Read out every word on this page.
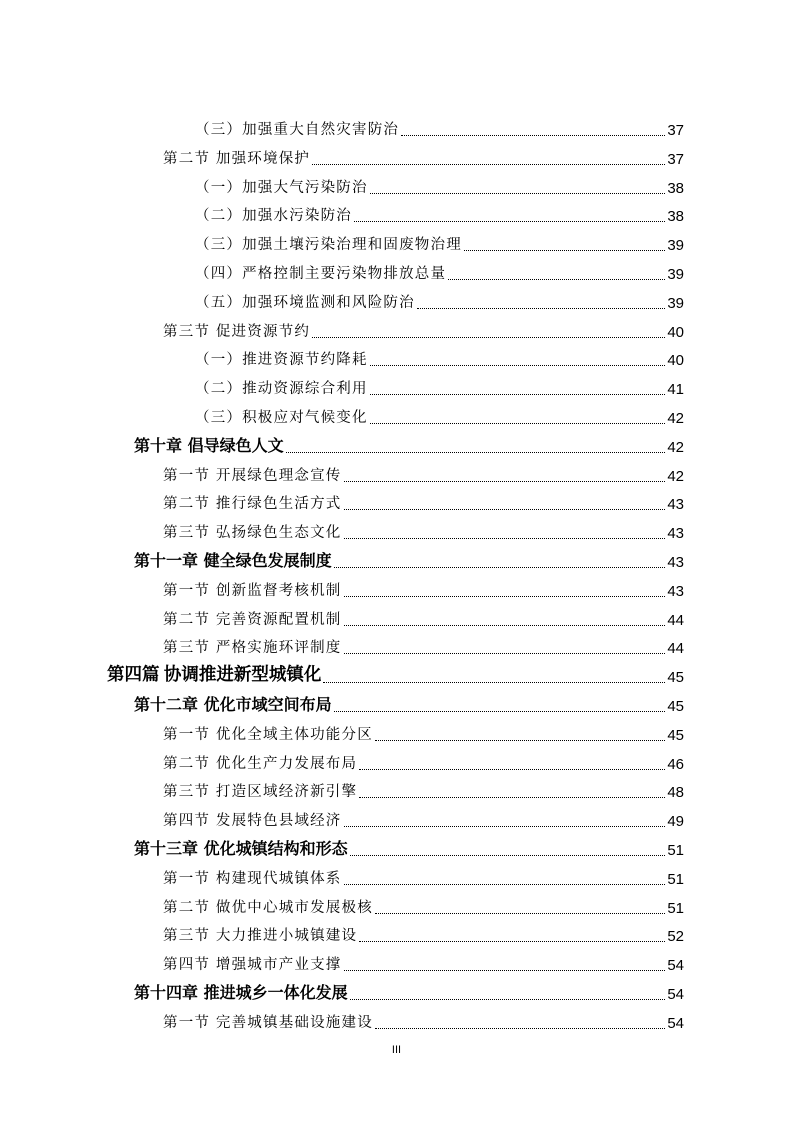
（三）加强重大自然灾害防治	37
第二节 加强环境保护	37
（一）加强大气污染防治	38
（二）加强水污染防治	38
（三）加强土壤污染治理和固废物治理	39
（四）严格控制主要污染物排放总量	39
（五）加强环境监测和风险防治	39
第三节 促进资源节约	40
（一）推进资源节约降耗	40
（二）推动资源综合利用	41
（三）积极应对气候变化	42
第十章 倡导绿色人文	42
第一节 开展绿色理念宣传	42
第二节 推行绿色生活方式	43
第三节 弘扬绿色生态文化	43
第十一章 健全绿色发展制度	43
第一节 创新监督考核机制	43
第二节 完善资源配置机制	44
第三节 严格实施环评制度	44
第四篇 协调推进新型城镇化	45
第十二章 优化市域空间布局	45
第一节 优化全域主体功能分区	45
第二节 优化生产力发展布局	46
第三节 打造区域经济新引擎	48
第四节 发展特色县域经济	49
第十三章 优化城镇结构和形态	51
第一节 构建现代城镇体系	51
第二节 做优中心城市发展极核	51
第三节 大力推进小城镇建设	52
第四节 增强城市产业支撑	54
第十四章 推进城乡一体化发展	54
第一节 完善城镇基础设施建设	54
III
